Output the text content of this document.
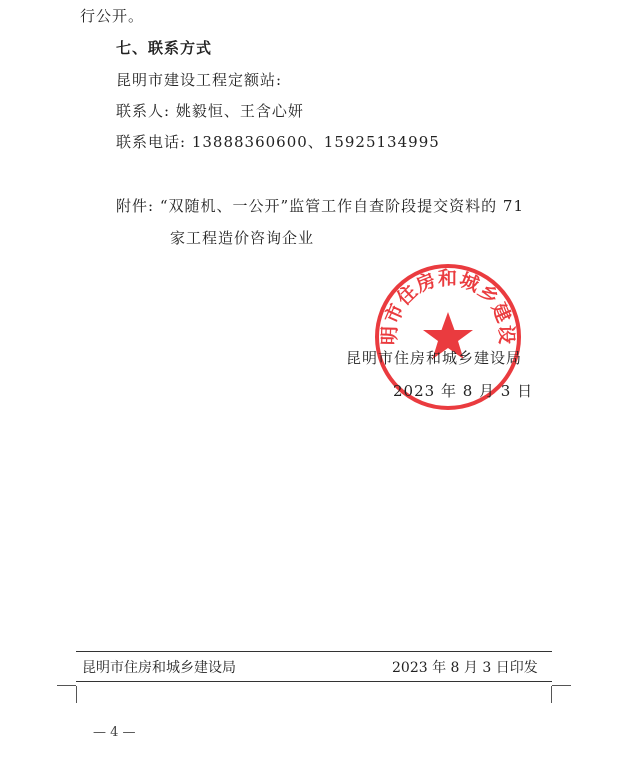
行公开。
七、联系方式
昆明市建设工程定额站:
联系人: 姚毅恒、王含心妍
联系电话: 13888360600、15925134995
附件: “双随机、一公开”监管工作自查阶段提交资料的 71
家工程造价咨询企业
明市住房和城乡建设
昆明市住房和城乡建设局
2023 年 8 月 3 日
昆明市住房和城乡建设局	2023 年 8 月 3 日印发
— 4 —
